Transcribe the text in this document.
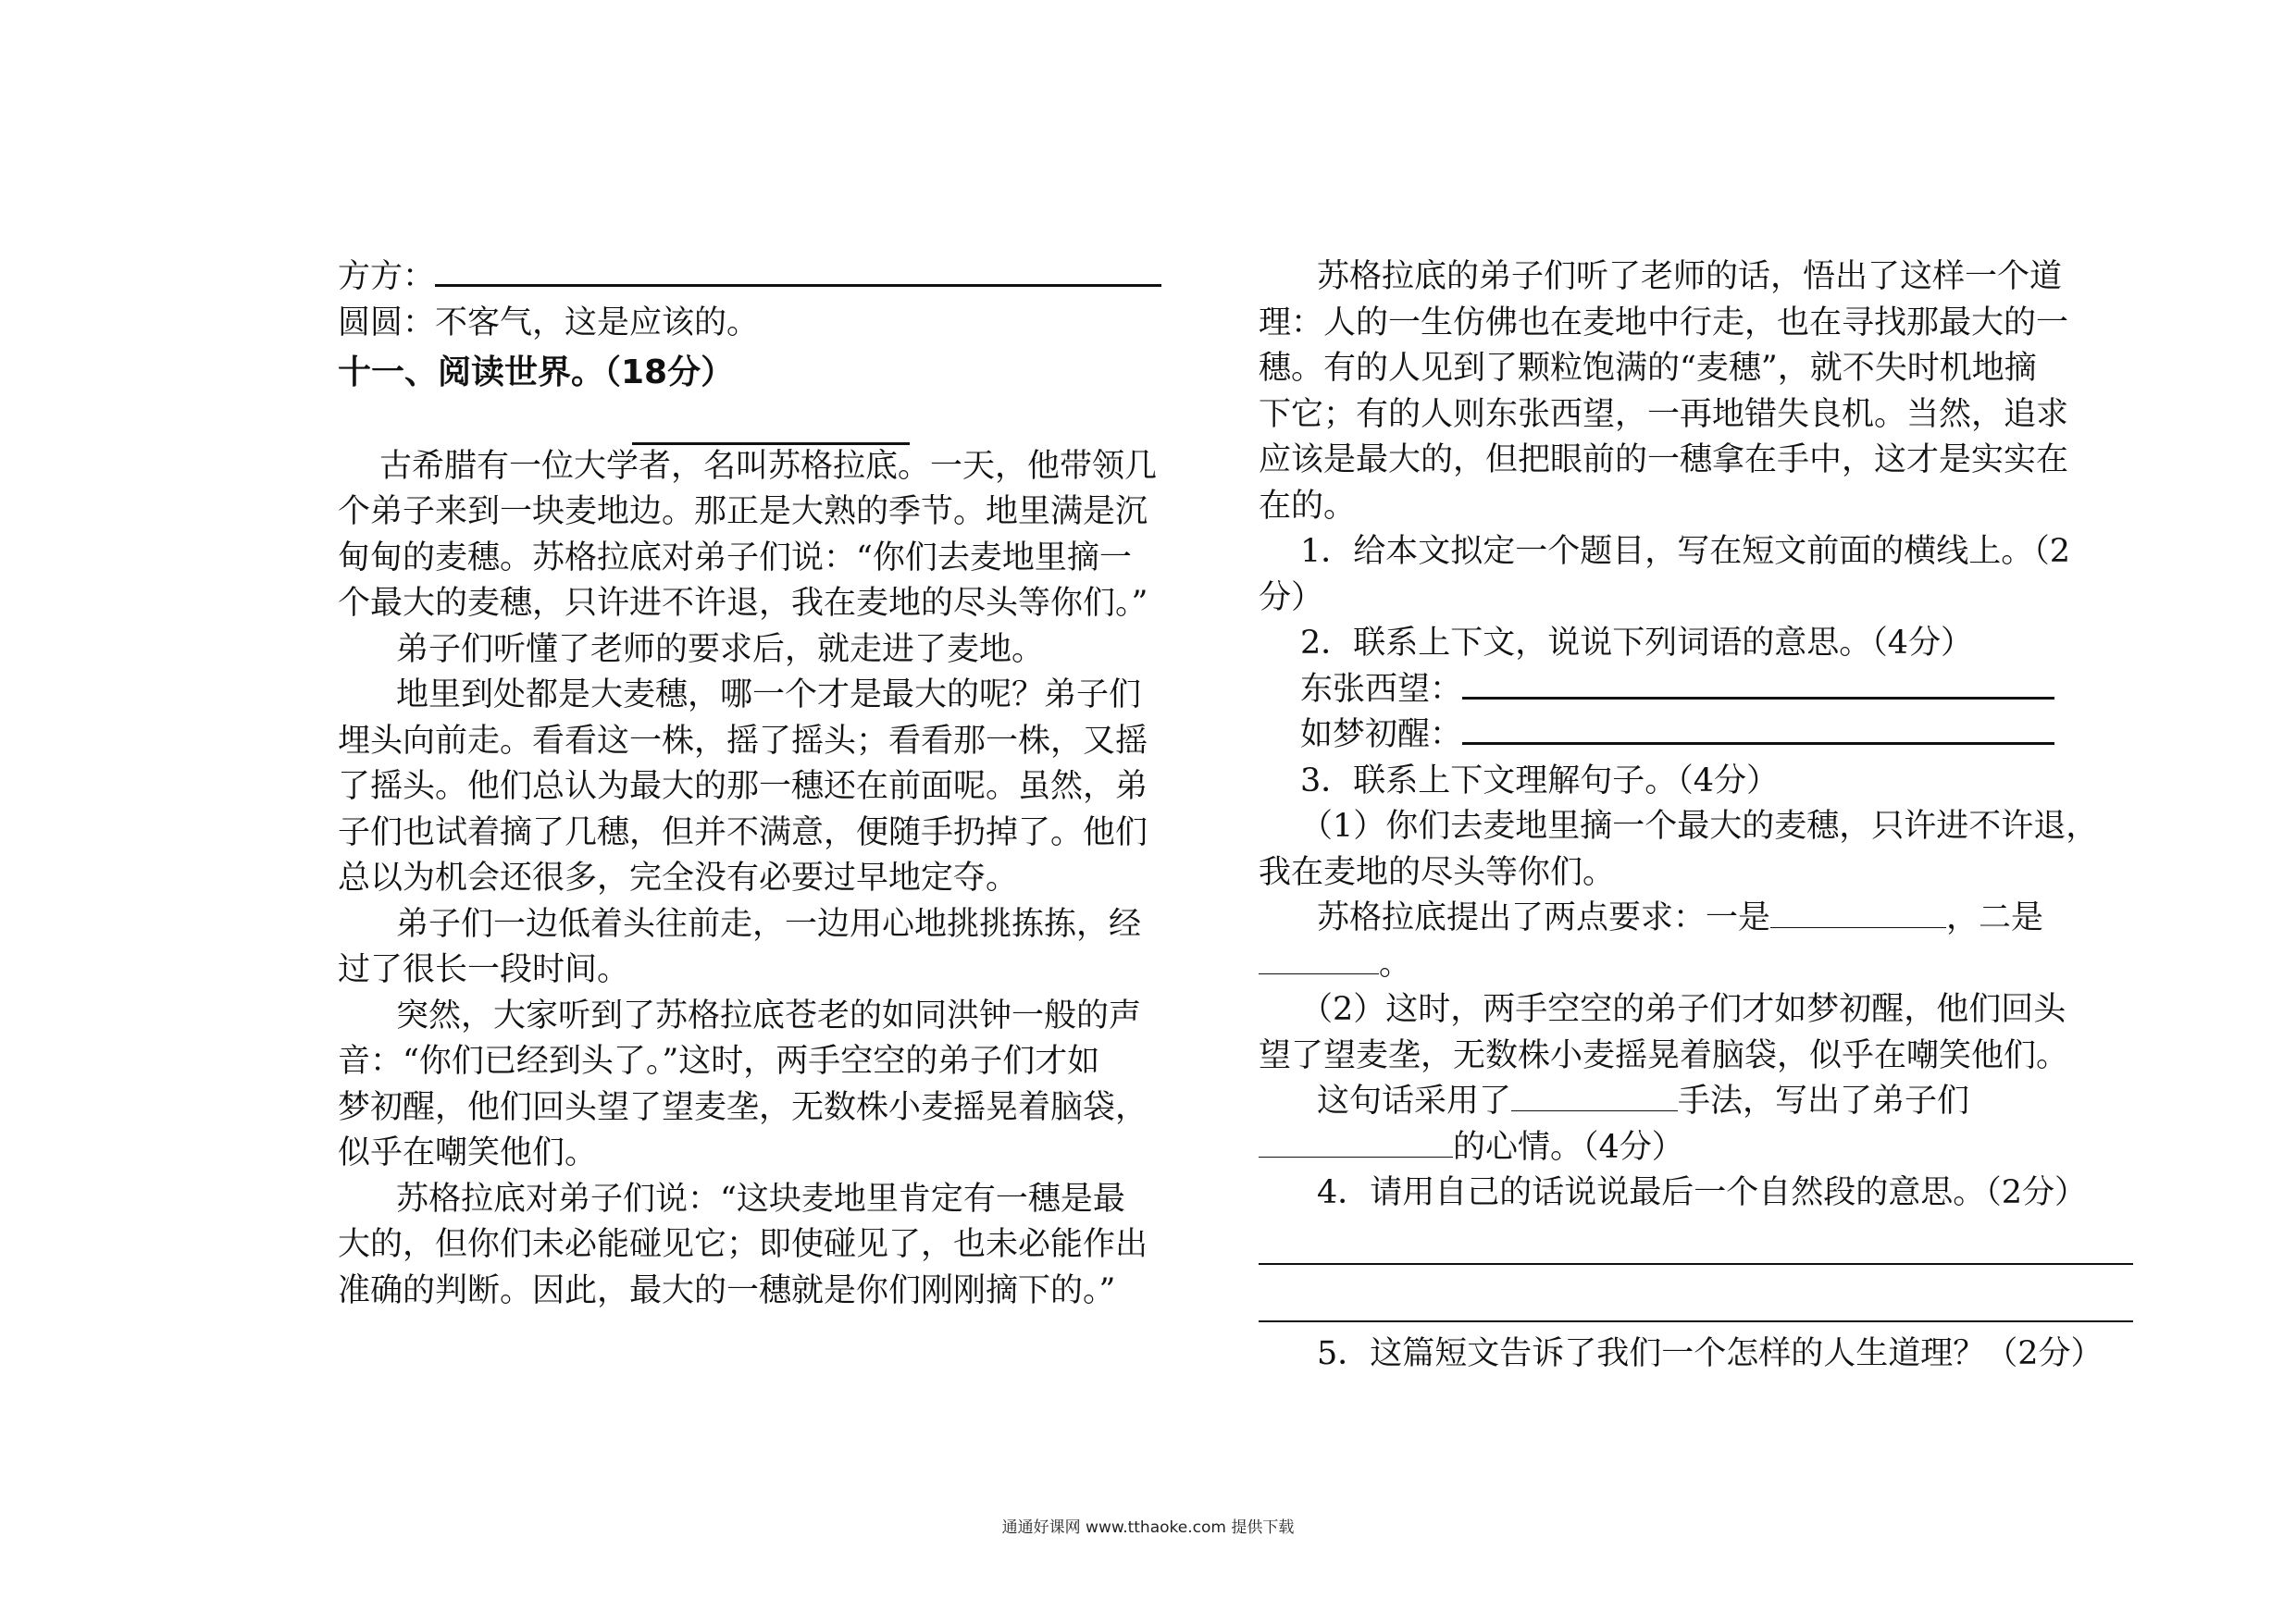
方方：
圆圆：不客气，这是应该的。
十一、阅读世界。（18分）
古希腊有一位大学者，名叫苏格拉底。一天，他带领几
个弟子来到一块麦地边。那正是大熟的季节。地里满是沉
甸甸的麦穗。苏格拉底对弟子们说：“你们去麦地里摘一
个最大的麦穗，只许进不许退，我在麦地的尽头等你们。”
弟子们听懂了老师的要求后，就走进了麦地。
地里到处都是大麦穗，哪一个才是最大的呢？弟子们
埋头向前走。看看这一株，摇了摇头；看看那一株，又摇
了摇头。他们总认为最大的那一穗还在前面呢。虽然，弟
子们也试着摘了几穗，但并不满意，便随手扔掉了。他们
总以为机会还很多，完全没有必要过早地定夺。
弟子们一边低着头往前走，一边用心地挑挑拣拣，经
过了很长一段时间。
突然，大家听到了苏格拉底苍老的如同洪钟一般的声
音：“你们已经到头了。”这时，两手空空的弟子们才如
梦初醒，他们回头望了望麦垄，无数株小麦摇晃着脑袋，
似乎在嘲笑他们。
苏格拉底对弟子们说：“这块麦地里肯定有一穗是最
大的，但你们未必能碰见它；即使碰见了，也未必能作出
准确的判断。因此，最大的一穗就是你们刚刚摘下的。”
苏格拉底的弟子们听了老师的话，悟出了这样一个道
理：人的一生仿佛也在麦地中行走，也在寻找那最大的一
穗。有的人见到了颗粒饱满的“麦穗”，就不失时机地摘
下它；有的人则东张西望，一再地错失良机。当然，追求
应该是最大的，但把眼前的一穗拿在手中，这才是实实在
在的。
1．给本文拟定一个题目，写在短文前面的横线上。（2
分）
2．联系上下文，说说下列词语的意思。（4分）
东张西望：
如梦初醒：
3．联系上下文理解句子。（4分）
（1）你们去麦地里摘一个最大的麦穗，只许进不许退，
我在麦地的尽头等你们。
苏格拉底提出了两点要求：一是	，二是
。
（2）这时，两手空空的弟子们才如梦初醒，他们回头
望了望麦垄，无数株小麦摇晃着脑袋，似乎在嘲笑他们。
这句话采用了	手法，写出了弟子们
的心情。（4分）
4．请用自己的话说说最后一个自然段的意思。（2分）
5．这篇短文告诉了我们一个怎样的人生道理？（2分）
通通好课网 www.tthaoke.com 提供下载
